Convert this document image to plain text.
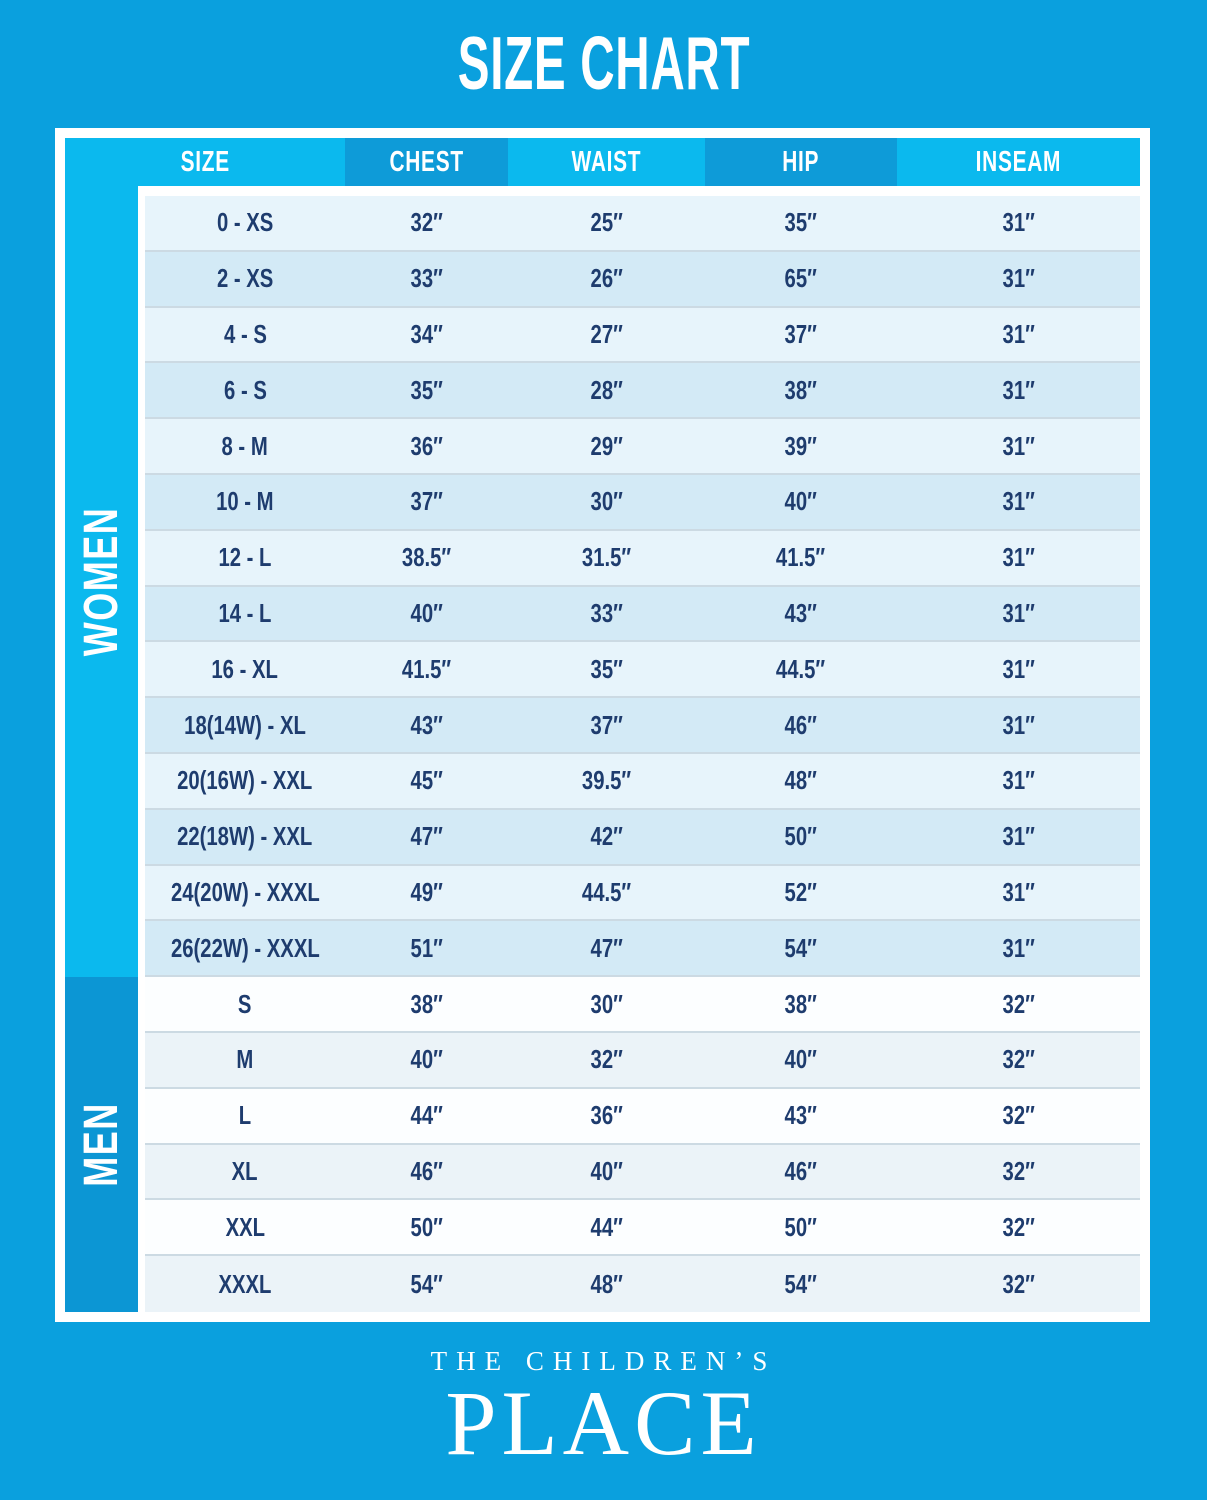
SIZE CHART
SIZE	CHEST	WAIST	HIP	INSEAM
WOMEN
MEN
0 - XS	32″	25″	35″	31″
2 - XS	33″	26″	65″	31″
4 - S	34″	27″	37″	31″
6 - S	35″	28″	38″	31″
8 - M	36″	29″	39″	31″
10 - M	37″	30″	40″	31″
12 - L	38.5″	31.5″	41.5″	31″
14 - L	40″	33″	43″	31″
16 - XL	41.5″	35″	44.5″	31″
18(14W) - XL	43″	37″	46″	31″
20(16W) - XXL	45″	39.5″	48″	31″
22(18W) - XXL	47″	42″	50″	31″
24(20W) - XXXL	49″	44.5″	52″	31″
26(22W) - XXXL	51″	47″	54″	31″
S	38″	30″	38″	32″
M	40″	32″	40″	32″
L	44″	36″	43″	32″
XL	46″	40″	46″	32″
XXL	50″	44″	50″	32″
XXXL	54″	48″	54″	32″
THE CHILDREN’S
PLACE
